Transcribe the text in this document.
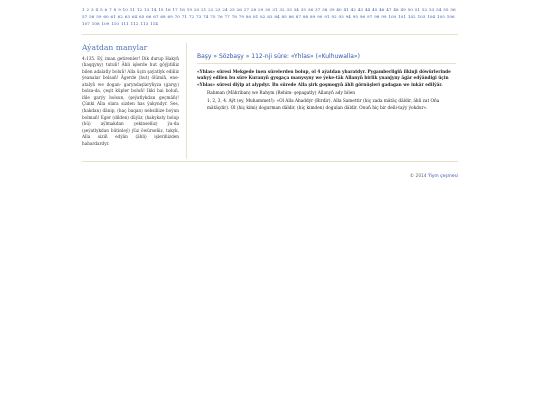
1 2 3 4 5 6 7 8 9 10 11 12 13 14 15 16 17 18 19 20 21 22 23 24 25 26 27 28 29 30 31 32 33 34 35 36 37 38 39 40 41 42 43 44 45 46 47 48 49 50 51 52 53 54 55 56 57 58 59 60 61 62 63 64 65 66 67 68 69 70 71 72 73 74 75 76 77 78 79 80 81 82 83 84 85 86 87 88 89 90 91 92 93 94 95 96 97 98 99 100 101 102 103 104 105 106 107 108 109 110 111 112 113 114
Aýatdan manylar

4:135. Eý, iman getirenler! Dik durup Hakyň (haqqyny) tutuň! Ähli işlerde hut göýjitiňiz bilen adalatly boluň! Alla üçin şaýatlyk ediňiz ýeanalar bolsaň! Ägerde (hut) ölümiň, ene-atalyň we dogan- garyndaşlaryňyza (garşy) bolsa-da, çeşit küpler boluň! Ikki bai boluň, iňle garýy bolsun, (şeýatlykdan geçmäň)! Çünki Alla olara sizden has ýakyndyr. Ses, (hakdan) dänip, (haç baqan) nebsiňize boýun bolmaň! Eger (dilden) düýär, (hakykaty bolup (bü) aýlmakdan çekinseňiz) ýa-da (şeýatlykdan bütinleý) ýüz öwürseňiz, takyk, Alla siziň edýän (ähli) işleriňizden habardardyr.

Başy » Sözbaşy » 112-nji süre: «Yhlas» («Kulhuwalla»)

«Yhlas» süresi Mekgede inen sürelerden bolup, ol 4 aýatdan ybaratdyr. Pygamberligiň ilkinji döwürlerinde wahyý edilen bu süre Kuranyň gysgaça manysyny we ýeke-täk Allanyň birlik ynanjyny ägär edýändigi üçin «Yhlas» süresi diýip at alypdyr. Bu sürede Alla şirk goşmogyň ähli görnüşleri gadagan we inkär edilýär.

Rahman (Mähriban) we Rahym (Rehim- şepagatly) Allanyň ady bilen

1, 2, 3, 4. Aýt (ey, Muhammet!): «Ol Alla Ahaddyr (Birdir). Alla Samettir (hiç zada mätäç däldir, ähli zat Oňa mätäçdir). Ol (hiç kimi) dogurman däldir, (hiç kimden) dogulan däldir. Onuň hiç bir deňi-taýy ýokdur».

© 2014 Ýiym çeşmesi
